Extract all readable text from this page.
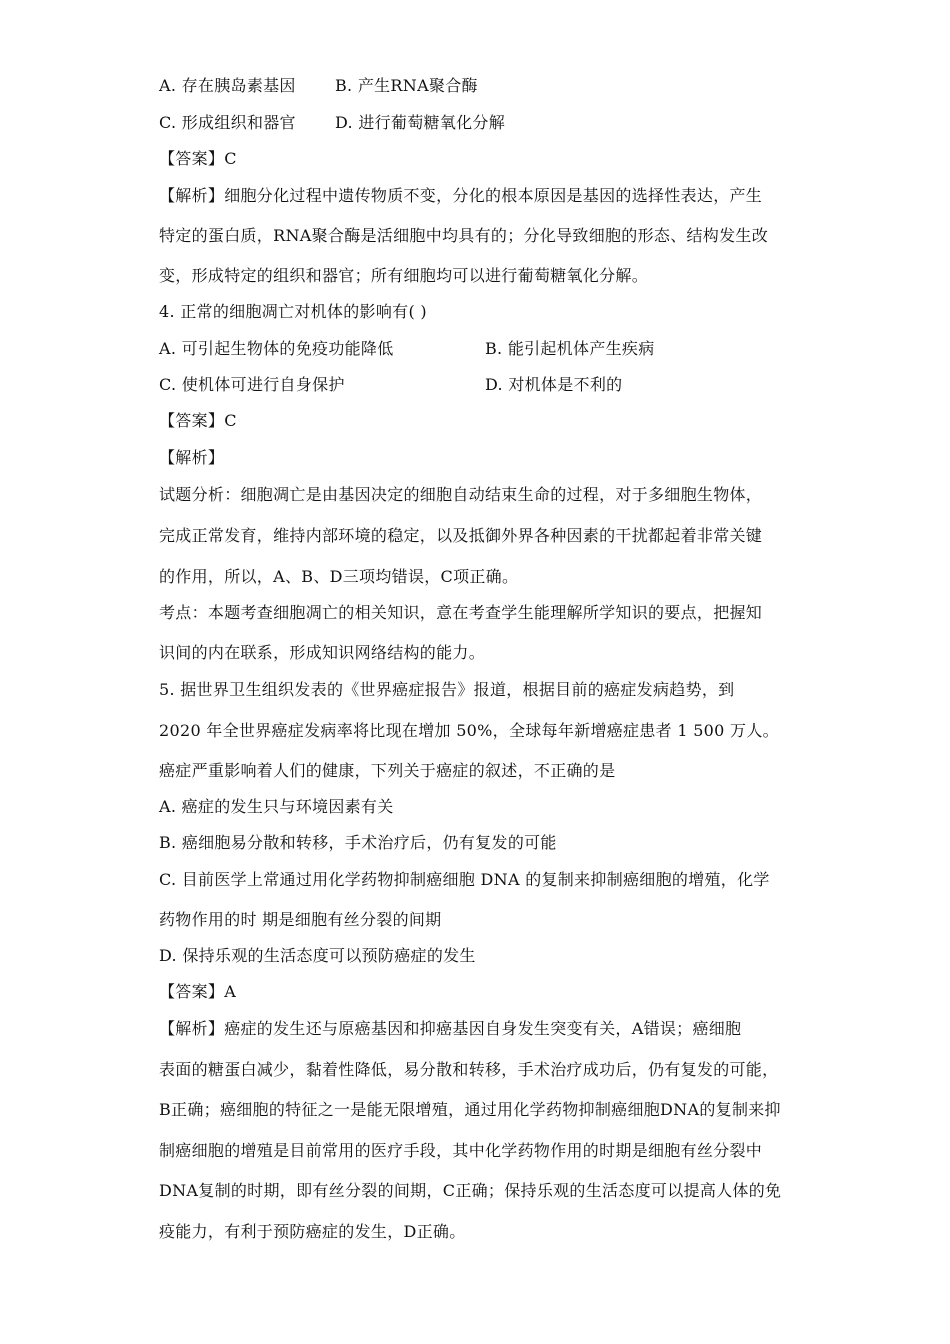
A. 存在胰岛素基因 B. 产生RNA聚合酶
C. 形成组织和器官 D. 进行葡萄糖氧化分解
【答案】C
【解析】细胞分化过程中遗传物质不变，分化的根本原因是基因的选择性表达，产生
特定的蛋白质，RNA聚合酶是活细胞中均具有的；分化导致细胞的形态、结构发生改
变，形成特定的组织和器官；所有细胞均可以进行葡萄糖氧化分解。
4. 正常的细胞凋亡对机体的影响有( )
A. 可引起生物体的免疫功能降低	B. 能引起机体产生疾病
C. 使机体可进行自身保护	D. 对机体是不利的
【答案】C
【解析】
试题分析：细胞凋亡是由基因决定的细胞自动结束生命的过程，对于多细胞生物体，
完成正常发育，维持内部环境的稳定，以及抵御外界各种因素的干扰都起着非常关键
的作用，所以，A、B、D三项均错误，C项正确。
考点：本题考查细胞凋亡的相关知识，意在考查学生能理解所学知识的要点，把握知
识间的内在联系，形成知识网络结构的能力。
5. 据世界卫生组织发表的《世界癌症报告》报道，根据目前的癌症发病趋势，到
2020 年全世界癌症发病率将比现在增加 50%，全球每年新增癌症患者 1 500 万人。
癌症严重影响着人们的健康，下列关于癌症的叙述，不正确的是
A. 癌症的发生只与环境因素有关
B. 癌细胞易分散和转移，手术治疗后，仍有复发的可能
C. 目前医学上常通过用化学药物抑制癌细胞 DNA 的复制来抑制癌细胞的增殖，化学
药物作用的时 期是细胞有丝分裂的间期
D. 保持乐观的生活态度可以预防癌症的发生
【答案】A
【解析】癌症的发生还与原癌基因和抑癌基因自身发生突变有关，A错误；癌细胞
表面的糖蛋白减少，黏着性降低，易分散和转移，手术治疗成功后，仍有复发的可能，
B正确；癌细胞的特征之一是能无限增殖，通过用化学药物抑制癌细胞DNA的复制来抑
制癌细胞的增殖是目前常用的医疗手段，其中化学药物作用的时期是细胞有丝分裂中
DNA复制的时期，即有丝分裂的间期，C正确；保持乐观的生活态度可以提高人体的免
疫能力，有利于预防癌症的发生，D正确。
